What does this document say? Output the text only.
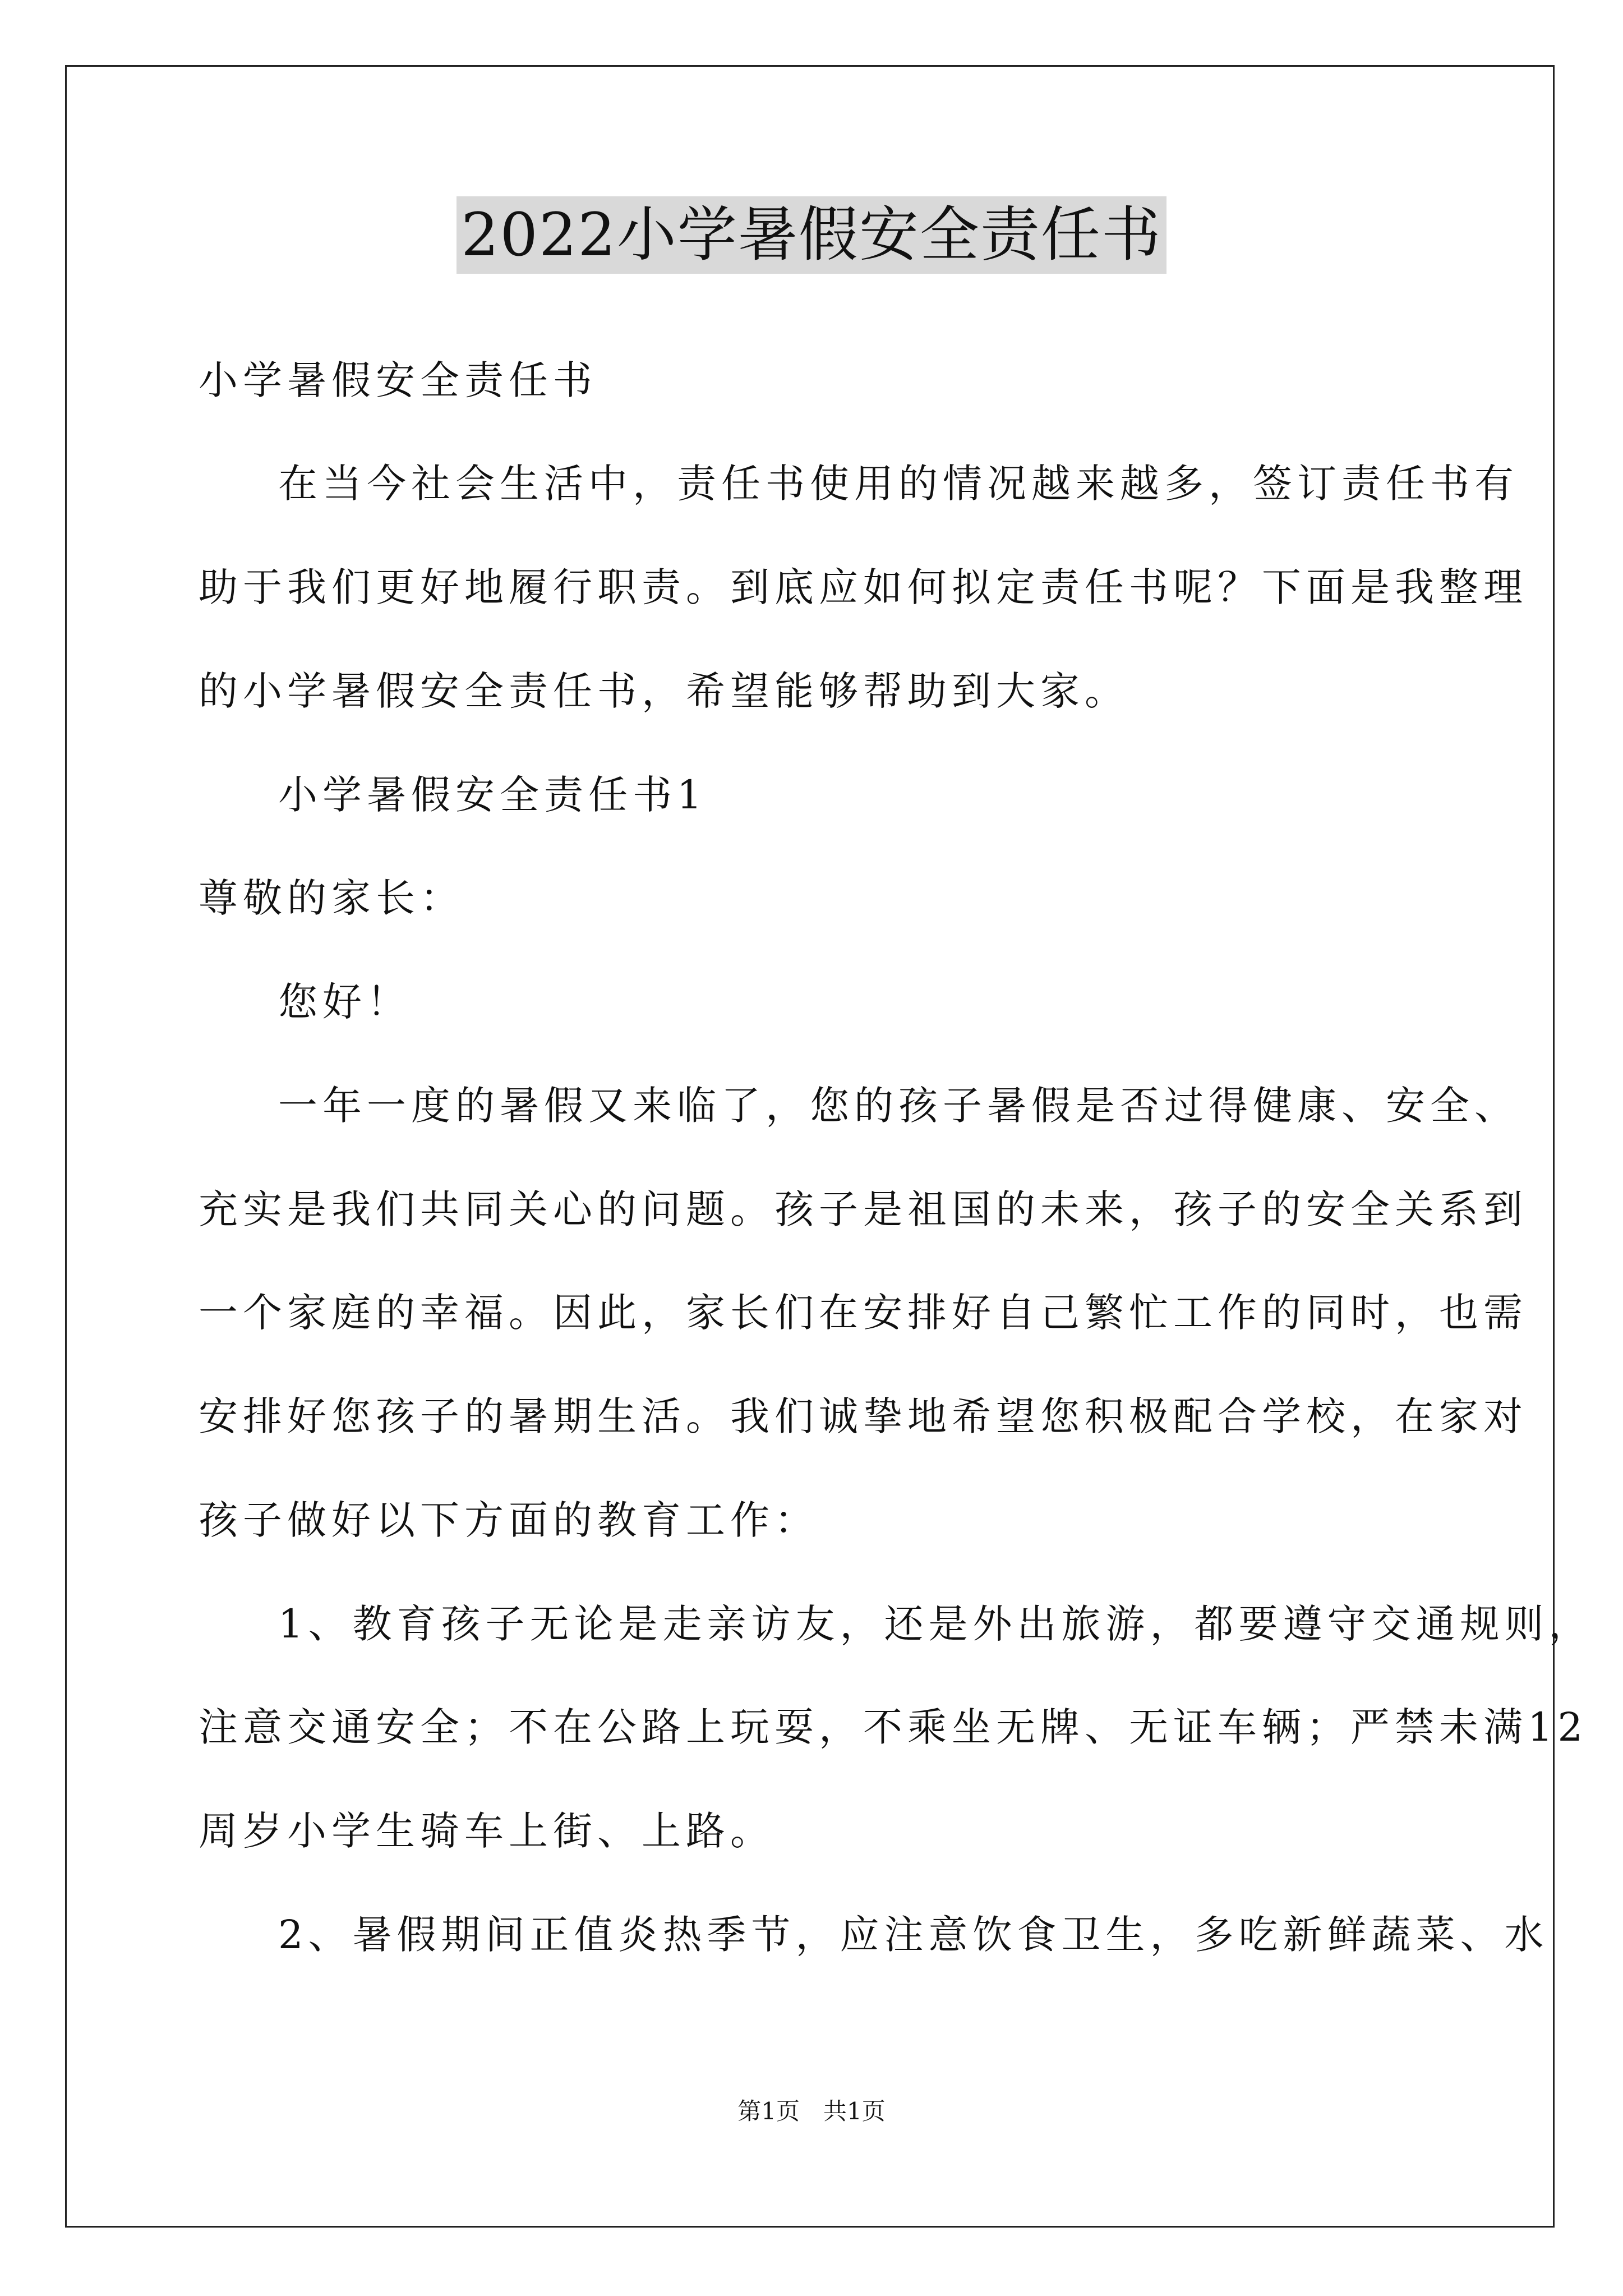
2022小学暑假安全责任书
小学暑假安全责任书
在当今社会生活中，责任书使用的情况越来越多，签订责任书有
助于我们更好地履行职责。到底应如何拟定责任书呢？下面是我整理
的小学暑假安全责任书，希望能够帮助到大家。
小学暑假安全责任书1
尊敬的家长：
您好！
一年一度的暑假又来临了，您的孩子暑假是否过得健康、安全、
充实是我们共同关心的问题。孩子是祖国的未来，孩子的安全关系到
一个家庭的幸福。因此，家长们在安排好自己繁忙工作的同时，也需
安排好您孩子的暑期生活。我们诚挚地希望您积极配合学校，在家对
孩子做好以下方面的教育工作：
1、教育孩子无论是走亲访友，还是外出旅游，都要遵守交通规则，
注意交通安全；不在公路上玩耍，不乘坐无牌、无证车辆；严禁未满12
周岁小学生骑车上街、上路。
2、暑假期间正值炎热季节，应注意饮食卫生，多吃新鲜蔬菜、水
第1页　共1页
